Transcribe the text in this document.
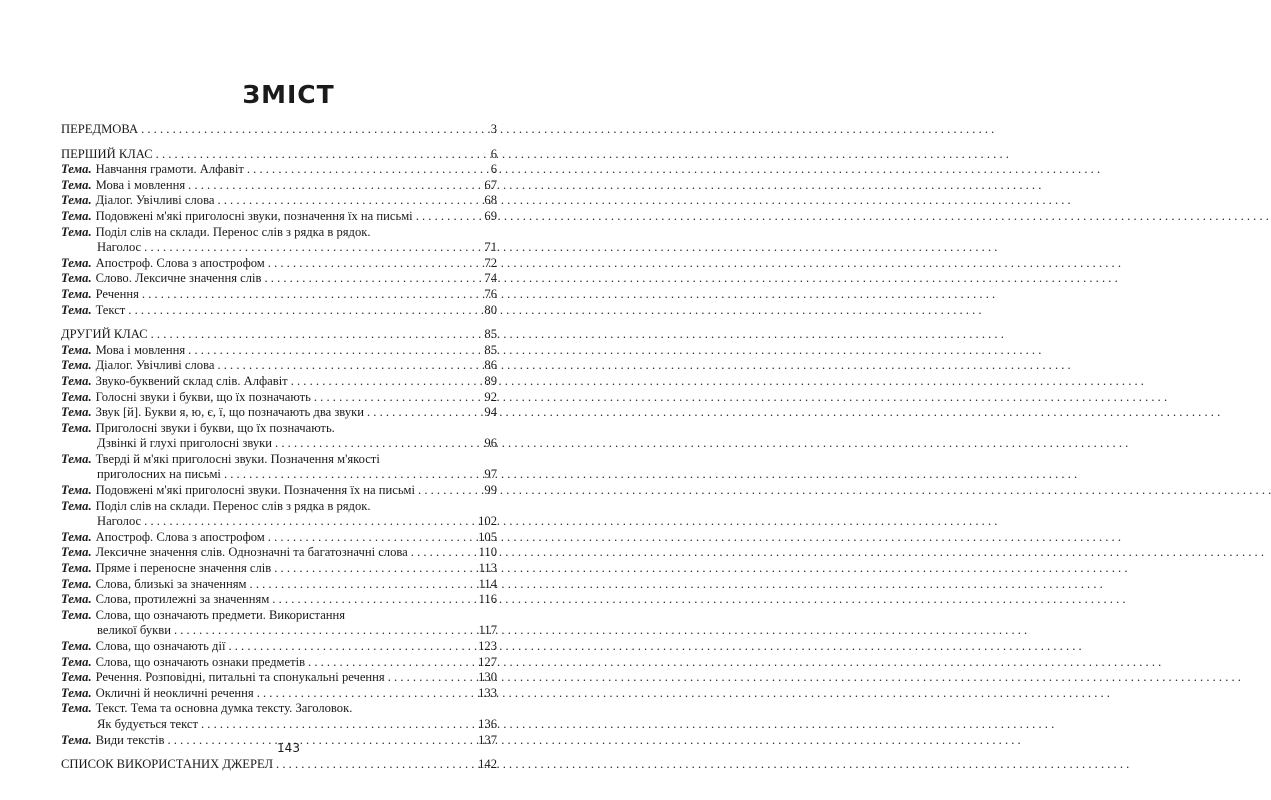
ЗМІСТ
ПЕРЕДМОВА . . .	3
ПЕРШИЙ КЛАС . . .	6
Тема. Навчання грамоти. Алфавіт . . .	6
Тема. Мова і мовлення . . .	67
Тема. Діалог. Увічливі слова . . .	68
Тема. Подовжені м'які приголосні звуки, позначення їх на письмі . . .	69
Тема. Поділ слів на склади. Перенос слів з рядка в рядок.
Наголос . . .	71
Тема. Апостроф. Слова з апострофом . . .	72
Тема. Слово. Лексичне значення слів . . .	74
Тема. Речення . . .	76
Тема. Текст . . .	80
ДРУГИЙ КЛАС . . .	85
Тема. Мова і мовлення . . .	85
Тема. Діалог. Увічливі слова . . .	86
Тема. Звуко-буквений склад слів. Алфавіт . . .	89
Тема. Голосні звуки і букви, що їх позначають . . .	92
Тема. Звук [й]. Букви я, ю, є, ї, що позначають два звуки . . .	94
Тема. Приголосні звуки і букви, що їх позначають.
Дзвінкі й глухі приголосні звуки . . .	96
Тема. Тверді й м'які приголосні звуки. Позначення м'якості
приголосних на письмі . . .	97
Тема. Подовжені м'які приголосні звуки. Позначення їх на письмі . . .	99
Тема. Поділ слів на склади. Перенос слів з рядка в рядок.
Наголос . . .	102
Тема. Апостроф. Слова з апострофом . . .	105
Тема. Лексичне значення слів. Однозначні та багатозначні слова . . .	110
Тема. Пряме і переносне значення слів . . .	113
Тема. Слова, близькі за значенням . . .	114
Тема. Слова, протилежні за значенням . . .	116
Тема. Слова, що означають предмети. Використання
великої букви . . .	117
Тема. Слова, що означають дії . . .	123
Тема. Слова, що означають ознаки предметів . . .	127
Тема. Речення. Розповідні, питальні та спонукальні речення . . .	130
Тема. Окличні й неокличні речення . . .	133
Тема. Текст. Тема та основна думка тексту. Заголовок.
Як будується текст . . .	136
Тема. Види текстів . . .	137
СПИСОК ВИКОРИСТАНИХ ДЖЕРЕЛ . . .	142
143
